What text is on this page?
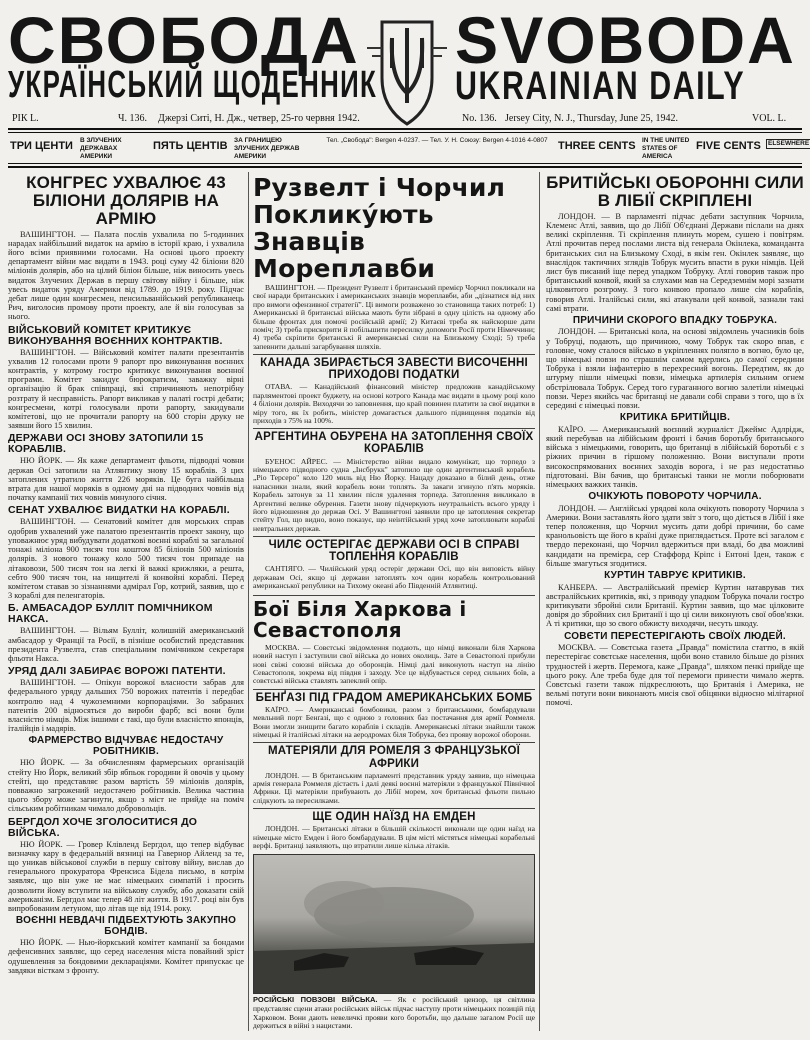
СВОБОДА SVOBODA
УКРАЇНСЬКИЙ ЩОДЕННИК UKRAINIAN DAILY
РІК L.	Ч. 136. Джерзі Ситі, Н. Дж., четвер, 25-го червня 1942.	No. 136. Jersey City, N. J., Thursday, June 25, 1942.	VOL. L.
ТРИ ЦЕНТИ В ЗЛУЧЕНИХ ДЕРЖАВАХ АМЕРИКИ
ПЯТЬ ЦЕНТІВ ЗА ГРАНИЦЕЮ ЗЛУЧЕНИХ ДЕРЖАВ АМЕРИКИ
Тел. „Свобода": Bergen 4-0237. — Тел. У. Н. Союзу: Bergen 4-1016 4-0807 THREE CENTS IN THE UNITED STATES OF AMERICA
FIVE CENTS	ELSEWHERE
КОНГРЕС УХВАЛЮЄ 43 БІЛІОНИ ДОЛЯРІВ НА АРМІЮ

ВАШИНГТОН. — Палата послів ухвалила по 5-годинних нарадах найбільший видаток на армію в історії краю, і ухвалила його всіми приявними голосами. На основі цього проекту департамент війни має видати в 1943. році суму 42 біліони 820 міліонів долярів, або на цілий біліон більше, ніж виносить увесь видаток Злучених Держав в першу світову війну і більше, ніж увесь видаток уряду Америки від 1789. до 1919. року. Підчас дебат лише один конгресмен, пенсильванійський републиканець Рич, виголосив промову проти проекту, але й він голосував за нього.

ВІЙСЬКОВИЙ КОМІТЕТ КРИТИКУЄ ВИКОНУВАННЯ ВОЄННИХ КОНТРАКТІВ.

ВАШИНГТОН. — Військовий комітет палати презентантів ухвалив 12 голосами проти 9 рапорт про виконування воєнних контрактів, у котрому гостро критикує виконування воєнної програми. Комітет закидує бюрократизм, заважку вірні організацію й брак співпраці, які спричиняють непотрібну розтрату й несправність. Рапорт викликав у палаті гострі дебати; конгресмени, котрі голосували проти рапорту, закидували комітетові, що не прочитали рапорту на 600 сторін друку не заявши його 15 хвилин.

ДЕРЖАВИ ОСІ ЗНОВУ ЗАТОПИЛИ 15 КОРАБЛІВ.

НЮ ЙОРК. — Як каже департамент фльоти, підводні човни держав Осі затопили на Атлянтику знову 15 кораблів. З цих затоплених утратило життя 226 моряків. Це буга найбільша втрата для нашої моряків в одному дні на підводних човнів від початку кампанії тих човнів минулого січня.

СЕНАТ УХВАЛЮЄ ВИДАТКИ НА КОРАБЛІ.

ВАШИНГТОН. — Сенатовий комітет для морських справ одобрив ухвалений уже палатою презентантів проект закону, що уповажнює уряд вибудувати додаткові воєнні кораблі за загальної тонажі міліона 900 тисяч тон коштом 85 біліонів 500 міліонів долярів. З нового тонажу коло 500 тисяч тон припаде на літаковози, 500 тисяч тон на легкі й важкі крижляки, а решта, себто 900 тисяч тон, на нищителі й конвойні кораблі. Перед комітетом ставав зо зізнаннями адмірал Гор, котрий, заявив, що є 3 кораблі для пеленгаторів.

Б. АМБАСАДОР БУЛЛІТ ПОМІЧНИКОМ НАКСА.

ВАШИНГТОН. — Вільям Булліт, колишній американський амбасадор у Франції та Росії, в пізніше особистий представник президента Рузвелта, став спеціальним помічником секретаря фльоти Накса.

УРЯД ДАЛІ ЗАБИРАЄ ВОРОЖІ ПАТЕНТИ.

ВАШИНГТОН. — Опікун ворожої власности забрав для федерального уряду дальших 750 ворожих патентів і передбає контролю над 4 чужоземними корпораціями. Зо забраних патентів 200 відносяться до вироби фарб; всі вони були власністю німців. Між іншими є такі, що були власністю японців, італійців і мадярів.

ФАРМЕРСТВО ВІДЧУВАЄ НЕДОСТАЧУ РОБІТНИКІВ.

НЮ ЙОРК. — За обчисленням фармерських організацій стейту Ню Йорк, великий збір ябпьок городини й овочів у цьому стейті, що представляє разом вартість 59 міліонів долярів, повважно загрожений недостачею робітників. Велика частина цього збору може загинути, якщо з міст не прийде на поміч сільським робітникам чимало добровольців.

БЕРГДОЛ ХОЧЕ ЗГОЛОСИТИСЯ ДО ВІЙСЬКА.

НЮ ЙОРК. — Гровер Клівленд Бергдол, що тепер відбуває визначку кару в федеральній вязниці на Гавернор Айленд за те, що уникав військової служби в першу світову війну, вислав до генерального прокуратора Френсиса Бідела письмо, в котрім заявляє, що він уже не має німецьких симпатій і просить дозволити йому вступити на військову службу, або доказати свій американізм. Бергдол має тепер 48 літ життя. В 1917. році він був випробованим летуном, що літав ще від 1914. року.

ВОЄННІ НЕВДАЧІ ПІДБЕХТУЮТЬ ЗАКУПНО БОНДІВ.

НЮ ЙОРК. — Нью-йоркський комітет кампанії за бондами дефенсивних заявляє, що серед населення міста повайний зріст одушевлення за бондовими деклараціями. Комітет припускає це завдяки вісткам з фронту.

Рузвелт і Чорчил Поклику́ють Знавців Мореплавби

ВАШИНГТОН. — Президент Рузвелт і британський премієр Чорчил покликали на свої наради британських і американських знавців мореплавби, аби „дізнатися від них про вимоги офензивної стратегії". Ці вимоги розважено зо становища таких потреб: 1) Американські й британські війська мають бути зібрані в одну цілість на одному або більше фронтах для помочі російській армії; 2) Китаєві треба як найскорше дати поміч; 3) треба прискорити й побільшити пересилку допомоги Росії проти Німеччини; 4) треба скріпити британські й американські сили на Близькому Сході; 5) треба запевнити дальші загарбування шляхів.

КАНАДА ЗБИРАЄТЬСЯ ЗАВЕСТИ ВИСОЧЕННІ ПРИХОДОВІ ПОДАТКИ

ОТАВА. — Канадійський фінансовий міністер предложив канадійському парляментові проект буджету, на основі котрого Канада має видати в цьому році коло 4 біліони долярів. Виходячи зо заповнення, що край повинен платити за свої видатки в міру того, як їх робить, міністер домагається дальшого підвищення податків від приходів з 75% на 100%.

АРГЕНТИНА ОБУРЕНА НА ЗАТОПЛЕННЯ СВОЇХ КОРАБЛІВ

БУЕНОС АЙРЕС. — Міністерство війни видало комунікат, що торпедо з німецького підводного судна „Інсбрукк" затопило ще один аргентинський корабель „Ріо Терсеро" коло 120 миль від Ню Йорку. Нацаду доказано в білий день, отже напасники знали, який корабель вони топлять. За закаги згинуло п'ять моряків. Корабель затонув за 11 хвилин після удалення торпеда. Затоплення викликало в Аргентині велике обурення. Газети знову підчеркують неутральність всього уряду і його відношення до держав Осі. У Вашингтоні заявили про це затоплення секретар стейту Гол, що видно, воно показує, що неінтійський уряд хоче затоплювати кораблі невтральних держав.

ЧИЛЄ ОСТЕРІГАЄ ДЕРЖАВИ ОСІ В СПРАВІ ТОПЛЕННЯ КОРАБЛІВ

САНТІЯГО. — Чилійський уряд остеріг держави Осі, що він виповість війну державам Осі, якщо ці держави затоплять хоч один корабель контрольований американської републики на Тихому океані або Південній Атлянтиці.

Бої Біля Харкова і Севастополя

МОСКВА. — Совєтські звідомлення подають, що німці виконали біля Харкова новий наступ і заступили свої війська до нових околиць. Зате в Севастополі прибули нові свіжі союзні війська до оборонців. Німці далі виконують наступ на лінію Севастополя, зокрема від півдня і заходу. Усе це відбувається серед сильних боїв, а совєтські війська ставлять запеклий опір.

БЕНҐАЗІ ПІД ГРАДОМ АМЕРИКАНСЬКИХ БОМБ

КАЇРО. — Американські бомбовики, разом з британськими, бомбардували мевльний порт Бенґазі, що є одною з головних баз постачання для армії Роммеля. Вони змогли знищити багато кораблів і складів. Американські літаки знайшли також німецькі й італійські літаки на аеродромах біля Тобрука, без прояву ворожої оборони.

МАТЕРІЯЛИ ДЛЯ РОМЕЛЯ З ФРАНЦУЗЬКОЇ АФРИКИ

ЛОНДОН. — В британським парламенті представник уряду заявив, що німецька армія генерала Роммеля дістаєть і далі деякі воєнні матеріяли з французької Північної Африки. Ці матеріяли прибувають до Лібії морем, хоч британські фльоти пильно слідкують за пересилками.

ЩЕ ОДИН НАЇЗД НА ЕМДЕН

ЛОНДОН. — Британські літаки в більшій скількості виконали ще один наїзд на німецьке місто Емден і його бомбардували. В цім місті містяться німецькі корабельні верфі. Британці заявляють, що втратили лише кілька літаків.

РОСІЙСЬКІ ПОВЗОВІ ВІЙСЬКА. — Як є російський цензор, ця світлина представляє сцени атаки російських військ підчас наступу проти німецьких позицій під Харковом. Вони дають невеличкі прояви кого боротьби, що дальше загалом Росії ще держиться в війні з нацистами.
БРИТІЙСЬКІ ОБОРОННІ СИЛИ В ЛІБІЇ СКРІПЛЕНІ

ЛОНДОН. — В парламенті підчас дебати заступник Чорчила, Клеменс Атлі, заявив, що до Лібії Об'єднані Держави післали на днях великі скріплення. Ті скріплення плинуть морем, сушею і повітрям. Атлі прочитав перед послами листа від генерала Окінлека, команданта британських сил на Близькому Сході, в якім ген. Окінлек заявляє, що внаслідок тактичних зглядів Тобрук мусить впасти в руки німців. Цей лист був писаний іще перед упадком Тобруку. Атлі говорив також про британський конвой, який за слухами мав на Середземнім морі зазнати цілковитого розгрому. З того конвою пропало лише сім кораблів, говорив Атлі. Італійські сили, які атакували цей конвой, зазнали такі самі втрати.

ПРИЧИНИ СКОРОГО ВПАДКУ ТОБРУКА.

ЛОНДОН. — Британські кола, на основі звідомлень учасників боїв у Тобруці, подають, що причиною, чому Тобрук так скоро впав, є головне, чому сталося військо в укріпленнях полягло в вогню, було це, що німецькі повзи по страшнім самом вдерлись до самої середини Тобрука і взяли інфантерію в перехресний вогонь. Передтим, як до штурму пішли німецькі повзи, німецька артилерія сильним огнем обстрілювала Тобрук. Серед того гураганного вогню залетіли німецькі повзи. Через якийсь час британці не давали собі справи з того, що в їх середині є німецькі повзи.

КРИТИКА БРИТІЙЦІВ.

КАЇРО. — Американський воєнний журналіст Джеймс Адлрідж, який перебував на лібійським фронті і бачив боротьбу британського війська з німецькими, говорить, що британці в лібійській боротьбі є з ріжних причин в гіршому положенню. Вони виступали проти високоспрямованих воєнних заходів ворога, і не раз недостатньо підготовані. Він бачив, що британські танки не могли поборювати німецьких важких танків.

ОЧІКУЮТЬ ПОВОРОТУ ЧОРЧИЛА.

ЛОНДОН. — Англійські урядові кола очікують повороту Чорчила з Америки. Вони заставлять його здати звіт з того, що діється в Лібії і яке тепер положення, що Чорчил мусить дати добрі причини, бо саме кранольовість ще його в країні дуже приглядається. Проте всі загалом є твердо переконані, що Чорчил вдержиться при владі, бо два можливі кандидати на премієра, сер Стаффорд Кріпс і Ентоні Іден, також є більше змагуться згодитися.

КУРТИН ТАВРУЄ КРИТИКІВ.

КАНБЕРА. — Австралійський премієр Куртин натаврував тих австралійських критиків, які, з приводу упадком Тобрука почали гостро критикувати збройні сили Британії. Куртин заявив, що має цілковите довіря до збройних сил Британії і що ці сили виконують свої обов'язки. А ті критики, що зо свого обжисту виходячи, несуть шкоду.

СОВЄТИ ПЕРЕСТЕРІГАЮТЬ СВОЇХ ЛЮДЕЙ.

МОСКВА. — Совєтська газета „Правда" помістила статтю, в якій перестерігає совєтське населення, щоби воно ставило більше до різних трудностей і жертв. Перемога, каже „Правда", шляхом пенкі прийде ще цього року. Але треба буде для тої перемоги принести чимало жертв. Совєтські газети також підкреслюють, що Британія і Америка, не вельмі потуги вони виконають мисія свої обіцянки відносно мілітарної помочі.
